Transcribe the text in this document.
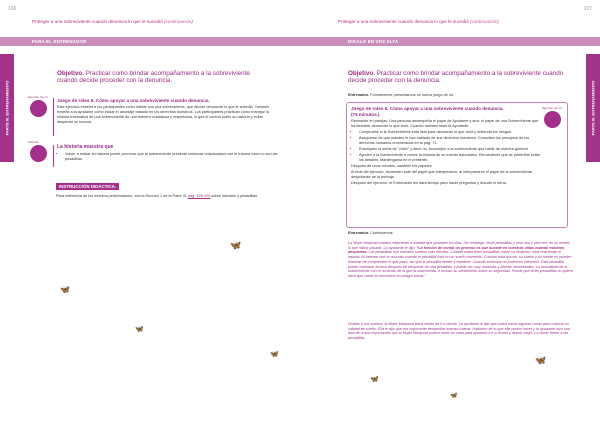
106
Proteger a una sobreviviente cuando denuncia lo que le sucedió (continuación)
PARA EL ENTRENADOR
PARTE III. ENTRENAMIENTO
Objetivo. Practicar como brindar acompañamiento a la sobreviviente cuando decide proceder con la denuncia.
Ejercicio de rol
Juego de roles 6. Cómo apoyar a una sobreviviente cuando denuncia.
Este ejercicio enseña a los participantes cómo hablar con una sobreviviente, que decide denunciar lo que le sucedió. También enseña a la ayudante cómo iniciar el abordaje basado en los derechos humanos. Los participantes practican cómo manejar la historia traumática de una sobreviviente de una manera cuidadosa y respetuosa, lo que el control sobre su historia y evitar despertar su trauma.
Historia
La historia muestra que
• Volver a relatar su historia puede provocar que la sobreviviente presente síntomas relacionados con el trauma como lo son las pesadillas.
INSTRUCCIÓN DIDÁCTICA.
Para referencia de los eventos perturbadores, vea la Sección 1 de la Parte III, pág. 125-126 sobre intrusión y pesadillas.
🦋
🦋
🦋
🦋
107
Proteger a una sobreviviente cuando denuncia lo que le sucedió (continuación)
DÍGALO EN VOZ ALTA
PARTE III. ENTRENAMIENTO
Objetivo. Practicar como brindar acompañamiento a la sobreviviente cuando decide proceder con la denuncia.
Entrenador. Formalmente presentamos un nuevo juego de rol.
Ejercicio de rol
Juego de roles 6. Cómo apoyar a una sobreviviente cuando denuncia.
(75 minutos.)
Reúnanse en parejas. Una persona desempeña el papel de Ayudante y otra, el papel de una Sobreviviente que ha decidido denunciar lo que vivió. Cuando ustedes sean la Ayudante:
• Compruebe si la Sobreviviente está lista para denunciar lo que vivió y entienda los riesgos.
• Asegúrese de que ustedes le han hablado de sus derechos humanos. Consulten los principios de los derechos humanos enumerados en la pág. 71.
• Practiquen la señal de "¡Alto!" y decir no. Aconsejen a la sobreviviente que hable de manera general.
• Ayuden a la Sobreviviente a contar la historia de su evento traumático. Recuérdenle que se preferible evitar los detalles. Manténganla en el presente.
Después de unos minutos, cambien los papeles.
Al final del ejercicio, recuerden salir del papel que interpretaron, al interpretaron el papel de la sobreviviente, despídanse de la burbuja.
Después del ejercicio, el Entrenador les dará tiempo para hacer preguntas y discutir el tema.
Entrenador. Continuemos.
La Mujer Mariposa estaba mejorando a medida que pasaban los días. Sin embargo, tenía pesadillas y veía una y otra vez, en su mente, lo que había pasado. La ayudante le dijo: "La función de contar un proceso es que sucede en nuestras vidas cuando estamos despiertas. Las pesadillas son nuestros sueños más difíciles. Cuando usted tiene pesadillas sobre su violación, está reviviendo el trauma. Al intentar vivir lo ocurrido cuando lo pesadilla está en su sueño momento. Cuando está oscuro, su sueño y su mente no pueden terminar de comprender lo que pasó, así que la pesadilla tiende a repetirse. Cuando soñamos no podemos intervenir. Esta pesadilla puede continuar incluso después de despertar de una pesadilla, y puede ser muy molestas y afectar necesidades. La sexualidad de la sobreviviente con el recuerdo de lo que la sobrevivida, e incluso su sentimiento sobre su seguridad. Puede que tener pesadillas no quiere decir que usted se encuentre en peligro ahora."
Debido a sus sueños, la Mujer Mariposa tenía miedo de ir a dormir. La ayudante le dijo que podía hacer algunas cosas para mejorar su calidad de sueño. Ella le dijo que era importante desarrollar buenas rutinas. Hablaron de lo que ella podría hacer y la ayudante hizo una lista de cosas importantes que la Mujer Mariposa podría hacer en casa para ayudarla a ir a dormir y dormir mejor y a hacer frente a las pesadillas.
🦋
🦋
🦋
